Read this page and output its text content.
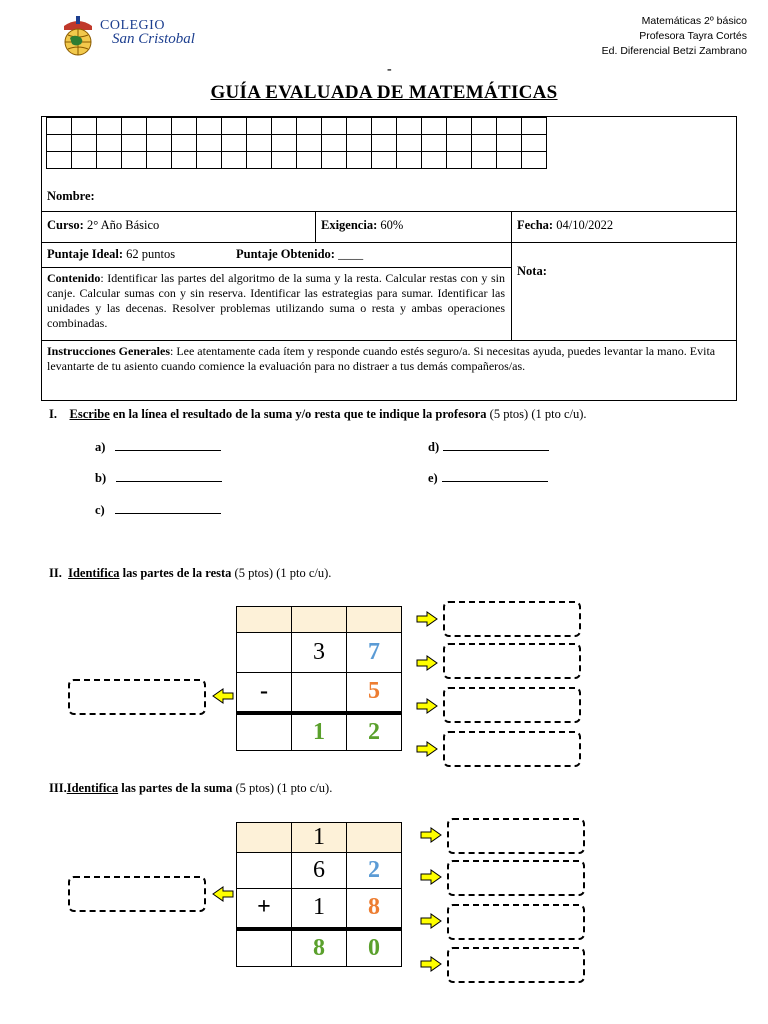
COLEGIO
San Cristobal
Matemáticas 2º básico
Profesora Tayra Cortés
Ed. Diferencial Betzi Zambrano
-
GUÍA EVALUADA DE MATEMÁTICAS

Nombre:
Curso: 2° Año Básico	Exigencia: 60%	Fecha: 04/10/2022
Puntaje Ideal: 62 puntos	Puntaje Obtenido: ____
Nota:
Contenido: Identificar las partes del algoritmo de la suma y la resta. Calcular restas con y sin canje. Calcular sumas con y sin reserva. Identificar las estrategias para sumar. Identificar las unidades y las decenas. Resolver problemas utilizando suma o resta y ambas operaciones combinadas.
Instrucciones Generales: Lee atentamente cada ítem y responde cuando estés seguro/a. Si necesitas ayuda, puedes levantar la mano. Evita levantarte de tu asiento cuando comience la evaluación para no distraer a tus demás compañeros/as.
I. Escribe en la línea el resultado de la suma y/o resta que te indique la profesora (5 ptos) (1 pto c/u).
a)
b)
c)
d)
e)
II. Identifica las partes de la resta (5 ptos) (1 pto c/u).

	3	7
-		5
	1	2
III.Identifica las partes de la suma (5 ptos) (1 pto c/u).
	1	
	6	2
+	1	8
	8	0
